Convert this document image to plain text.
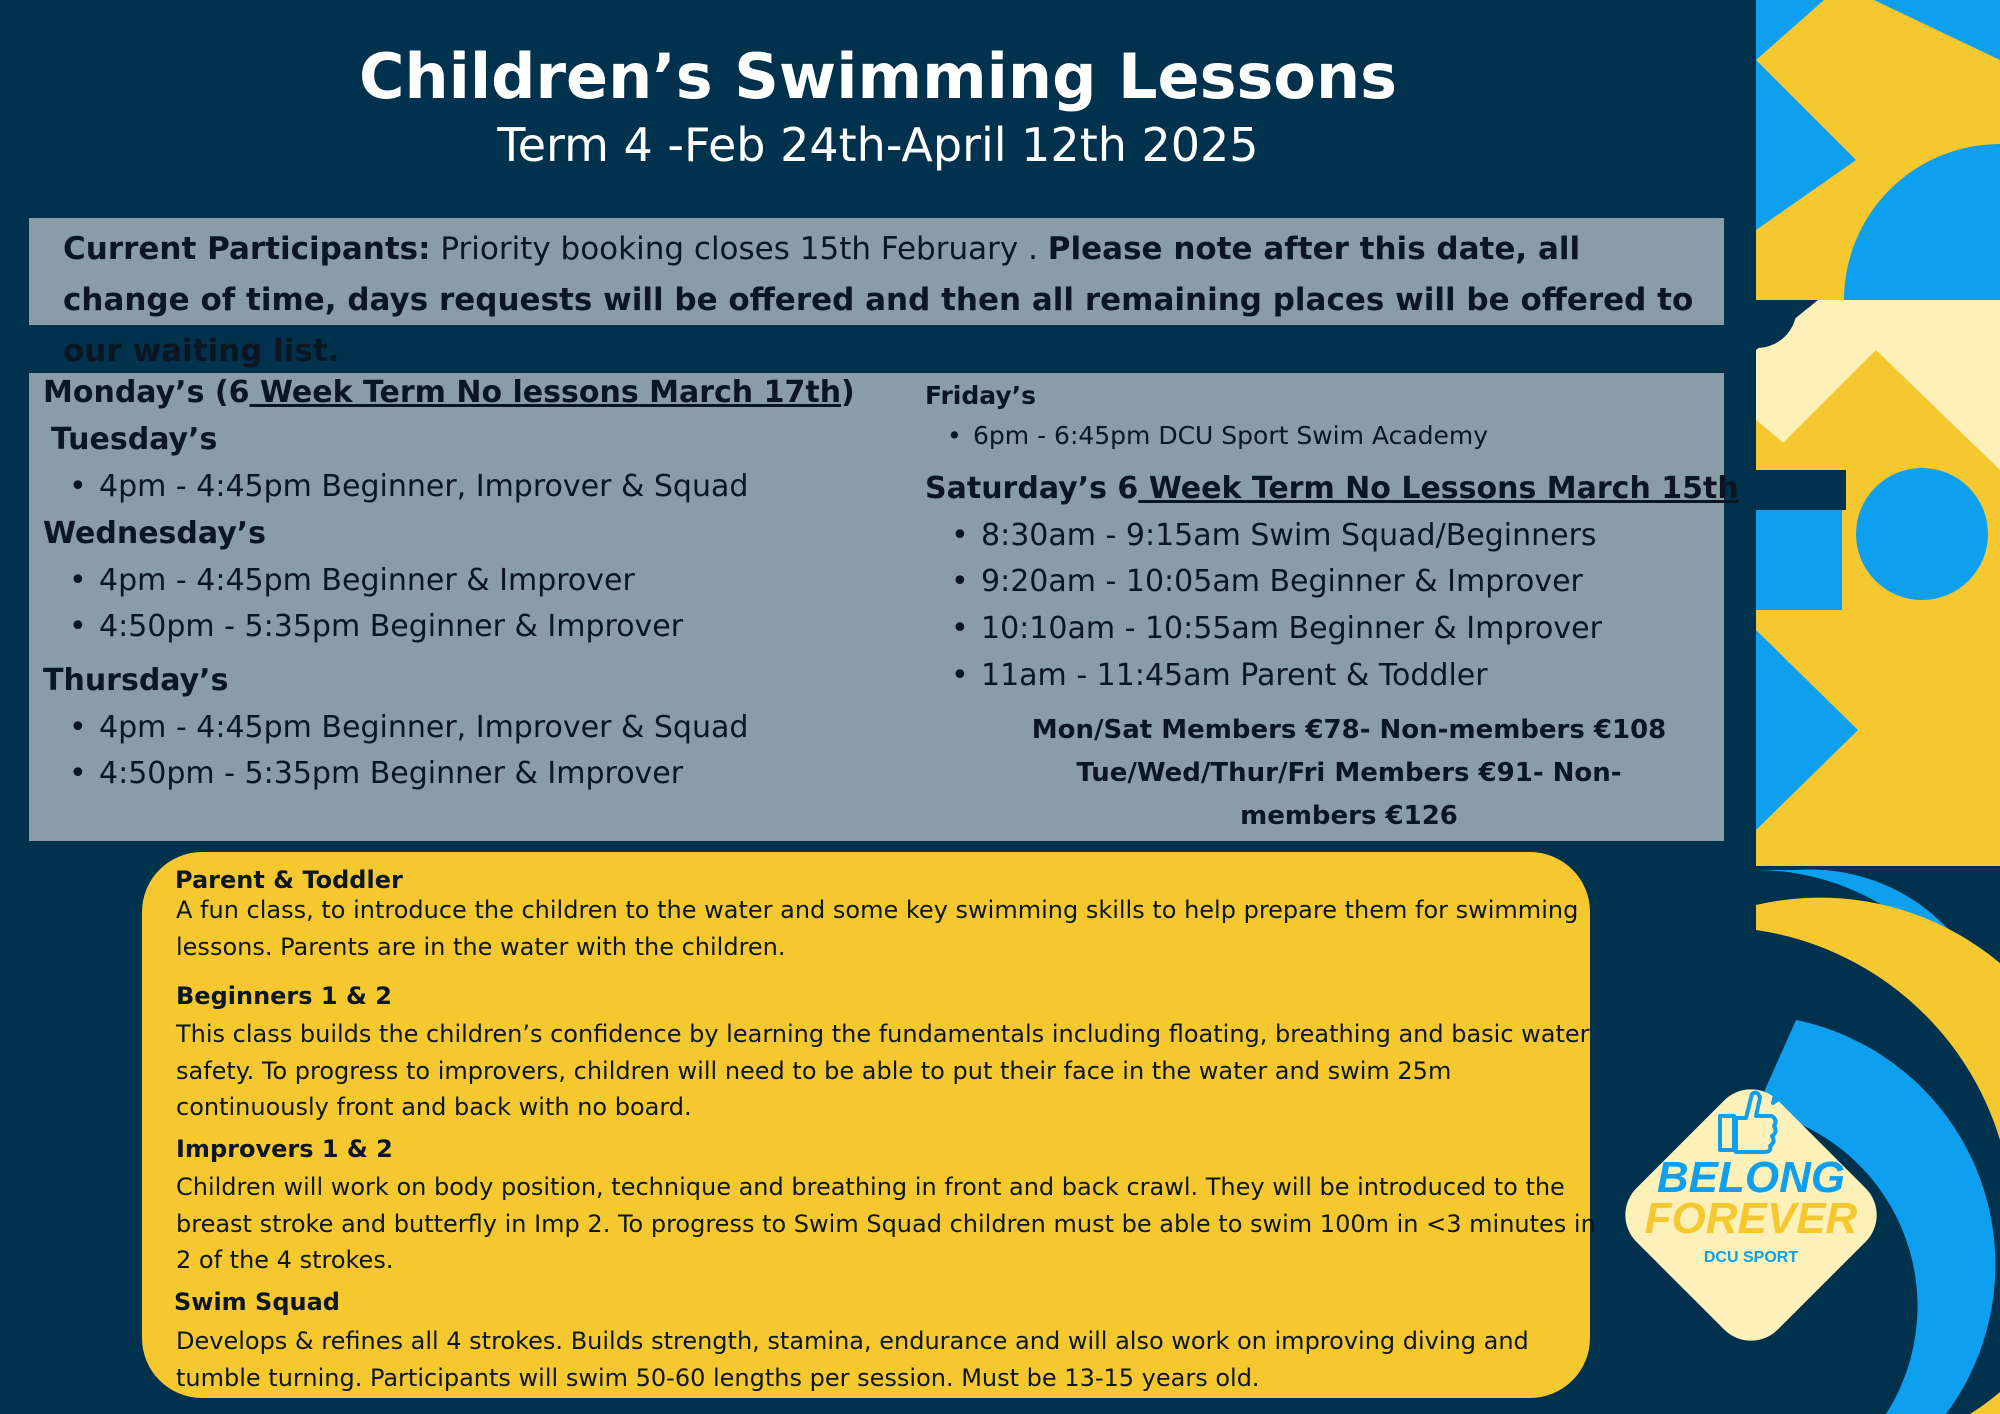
Children’s Swimming Lessons
Term 4 -Feb 24th-April 12th 2025
Current Participants: Priority booking closes 15th February . Please note after this date, all change of time, days requests will be offered and then all remaining places will be offered to our waiting list.
Monday’s (6 Week Term No lessons March 17th)
Tuesday’s
• 4pm - 4:45pm Beginner, Improver & Squad
Wednesday’s
• 4pm - 4:45pm Beginner & Improver
• 4:50pm - 5:35pm Beginner & Improver
Thursday’s
• 4pm - 4:45pm Beginner, Improver & Squad
• 4:50pm - 5:35pm Beginner & Improver
Friday’s
• 6pm - 6:45pm DCU Sport Swim Academy
Saturday’s 6 Week Term No Lessons March 15th
• 8:30am - 9:15am Swim Squad/Beginners
• 9:20am - 10:05am Beginner & Improver
• 10:10am - 10:55am Beginner & Improver
• 11am - 11:45am Parent & Toddler
Mon/Sat Members €78- Non-members €108
Tue/Wed/Thur/Fri Members €91- Non-
members €126
Parent & Toddler
A fun class, to introduce the children to the water and some key swimming skills to help prepare them for swimming lessons. Parents are in the water with the children.
Beginners 1 & 2
This class builds the children’s confidence by learning the fundamentals including floating, breathing and basic water safety. To progress to improvers, children will need to be able to put their face in the water and swim 25m continuously front and back with no board.
Improvers 1 & 2
Children will work on body position, technique and breathing in front and back crawl. They will be introduced to the breast stroke and butterfly in Imp 2. To progress to Swim Squad children must be able to swim 100m in <3 minutes in 2 of the 4 strokes.
Swim Squad
Develops & refines all 4 strokes. Builds strength, stamina, endurance and will also work on improving diving and tumble turning. Participants will swim 50-60 lengths per session. Must be 13-15 years old.
BELONG
FOREVER
DCU SPORT
